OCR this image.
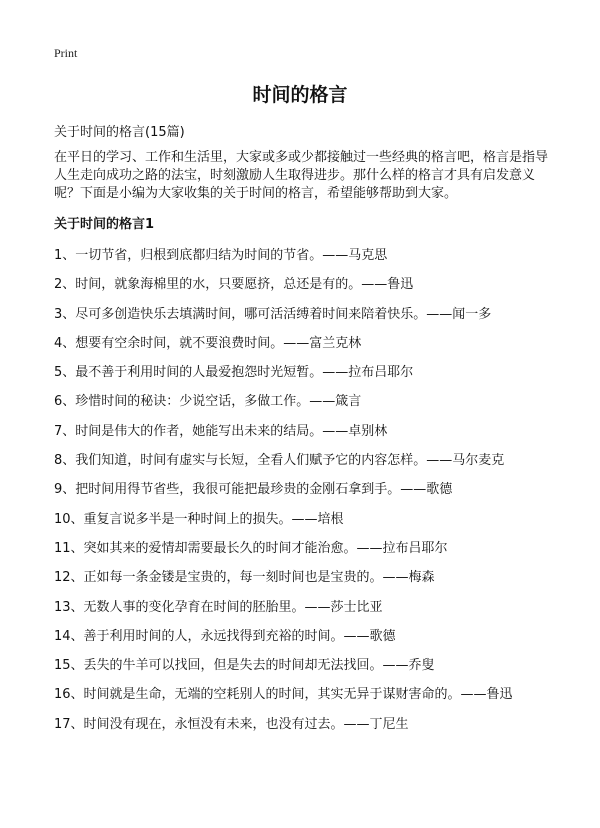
Print
时间的格言

关于时间的格言(15篇)

在平日的学习、工作和生活里，大家或多或少都接触过一些经典的格言吧，格言是指导人生走向成功之路的法宝，时刻激励人生取得进步。那什么样的格言才具有启发意义呢？下面是小编为大家收集的关于时间的格言，希望能够帮助到大家。

关于时间的格言1
1、一切节省，归根到底都归结为时间的节省。——马克思
2、时间，就象海棉里的水，只要愿挤，总还是有的。——鲁迅
3、尽可多创造快乐去填满时间，哪可活活缚着时间来陪着快乐。——闻一多
4、想要有空余时间，就不要浪费时间。——富兰克林
5、最不善于利用时间的人最爱抱怨时光短暂。——拉布吕耶尔
6、珍惜时间的秘诀：少说空话，多做工作。——箴言
7、时间是伟大的作者，她能写出未来的结局。——卓别林
8、我们知道，时间有虚实与长短，全看人们赋予它的内容怎样。——马尔麦克
9、把时间用得节省些，我很可能把最珍贵的金刚石拿到手。——歌德
10、重复言说多半是一种时间上的损失。——培根
11、突如其来的爱情却需要最长久的时间才能治愈。——拉布吕耶尔
12、正如每一条金镂是宝贵的，每一刻时间也是宝贵的。——梅森
13、无数人事的变化孕育在时间的胚胎里。——莎士比亚
14、善于利用时间的人，永远找得到充裕的时间。——歌德
15、丢失的牛羊可以找回，但是失去的时间却无法找回。——乔叟
16、时间就是生命，无端的空耗别人的时间，其实无异于谋财害命的。——鲁迅
17、时间没有现在，永恒没有未来，也没有过去。——丁尼生
